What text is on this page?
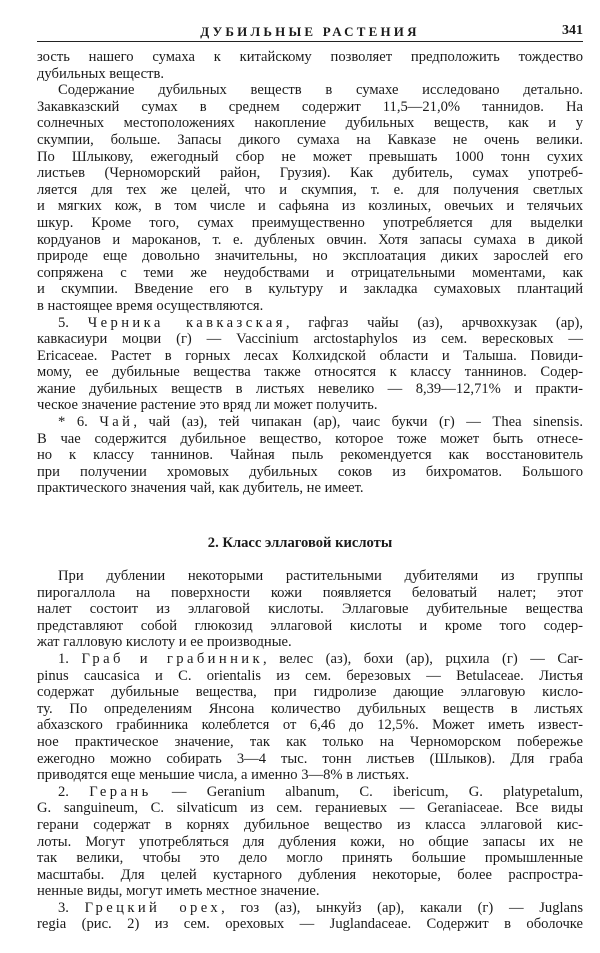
ДУБИЛЬНЫЕ РАСТЕНИЯ	341
зость нашего сумаха к китайскому позволяет предположить тождество
дубильных веществ.
Содержание дубильных веществ в сумахе исследовано детально.
Закавказский сумах в среднем содержит 11,5—21,0% таннидов. На
солнечных местоположениях накопление дубильных веществ, как и у
скумпии, больше. Запасы дикого сумаха на Кавказе не очень велики.
По Шлыкову, ежегодный сбор не может превышать 1000 тонн сухих
листьев (Черноморский район, Грузия). Как дубитель, сумах употреб-
ляется для тех же целей, что и скумпия, т. е. для получения светлых
и мягких кож, в том числе и сафьяна из козлиных, овечьих и телячьих
шкур. Кроме того, сумах преимущественно употребляется для выделки
кордуанов и мароканов, т. е. дубленых овчин. Хотя запасы сумаха в дикой
природе еще довольно значительны, но эксплоатация диких зарослей его
сопряжена с теми же неудобствами и отрицательными моментами, как
и скумпии. Введение его в культуру и закладка сумаховых плантаций
в настоящее время осуществляются.
5. Черника кавказская, гафгаз чайы (аз), арчвохкузак (ар),
кавкасиури моцви (г) — Vaccinium arctostaphylos из сем. вересковых —
Ericaceae. Растет в горных лесах Колхидской области и Талыша. Повиди-
мому, ее дубильные вещества также относятся к классу таннинов. Содер-
жание дубильных веществ в листьях невелико — 8,39—12,71% и практи-
ческое значение растение это вряд ли может получить.
* 6. Чай, чай (аз), тей чипакан (ар), чаис букчи (г) — Thea sinensis.
В чае содержится дубильное вещество, которое тоже может быть отнесе-
но к классу таннинов. Чайная пыль рекомендуется как восстановитель
при получении хромовых дубильных соков из бихроматов. Большого
практического значения чай, как дубитель, не имеет.
2. Класс эллаговой кислоты
При дублении некоторыми растительными дубителями из группы
пирогаллола на поверхности кожи появляется беловатый налет; этот
налет состоит из эллаговой кислоты. Эллаговые дубительные вещества
представляют собой глюкозид эллаговой кислоты и кроме того содер-
жат галловую кислоту и ее производные.
1. Граб и грабинник, велес (аз), бохи (ар), рцхила (г) — Car-
pinus caucasica и C. orientalis из сем. березовых — Betulaceae. Листья
содержат дубильные вещества, при гидролизе дающие эллаговую кисло-
ту. По определениям Янсона количество дубильных веществ в листьях
абхазского грабинника колеблется от 6,46 до 12,5%. Может иметь извест-
ное практическое значение, так как только на Черноморском побережье
ежегодно можно собирать 3—4 тыс. тонн листьев (Шлыков). Для граба
приводятся еще меньшие числа, а именно 3—8% в листьях.
2. Герань — Geranium albanum, C. ibericum, G. platypetalum,
G. sanguineum, C. silvaticum из сем. гераниевых — Geraniaceae. Все виды
герани содержат в корнях дубильное вещество из класса эллаговой кис-
лоты. Могут употребляться для дубления кожи, но общие запасы их не
так велики, чтобы это дело могло принять большие промышленные
масштабы. Для целей кустарного дубления некоторые, более распростра-
ненные виды, могут иметь местное значение.
3. Грецкий орех, гоз (аз), ынкуйз (ар), какали (г) — Juglans
regia (рис. 2) из сем. ореховых — Juglandaceae. Содержит в оболочке
